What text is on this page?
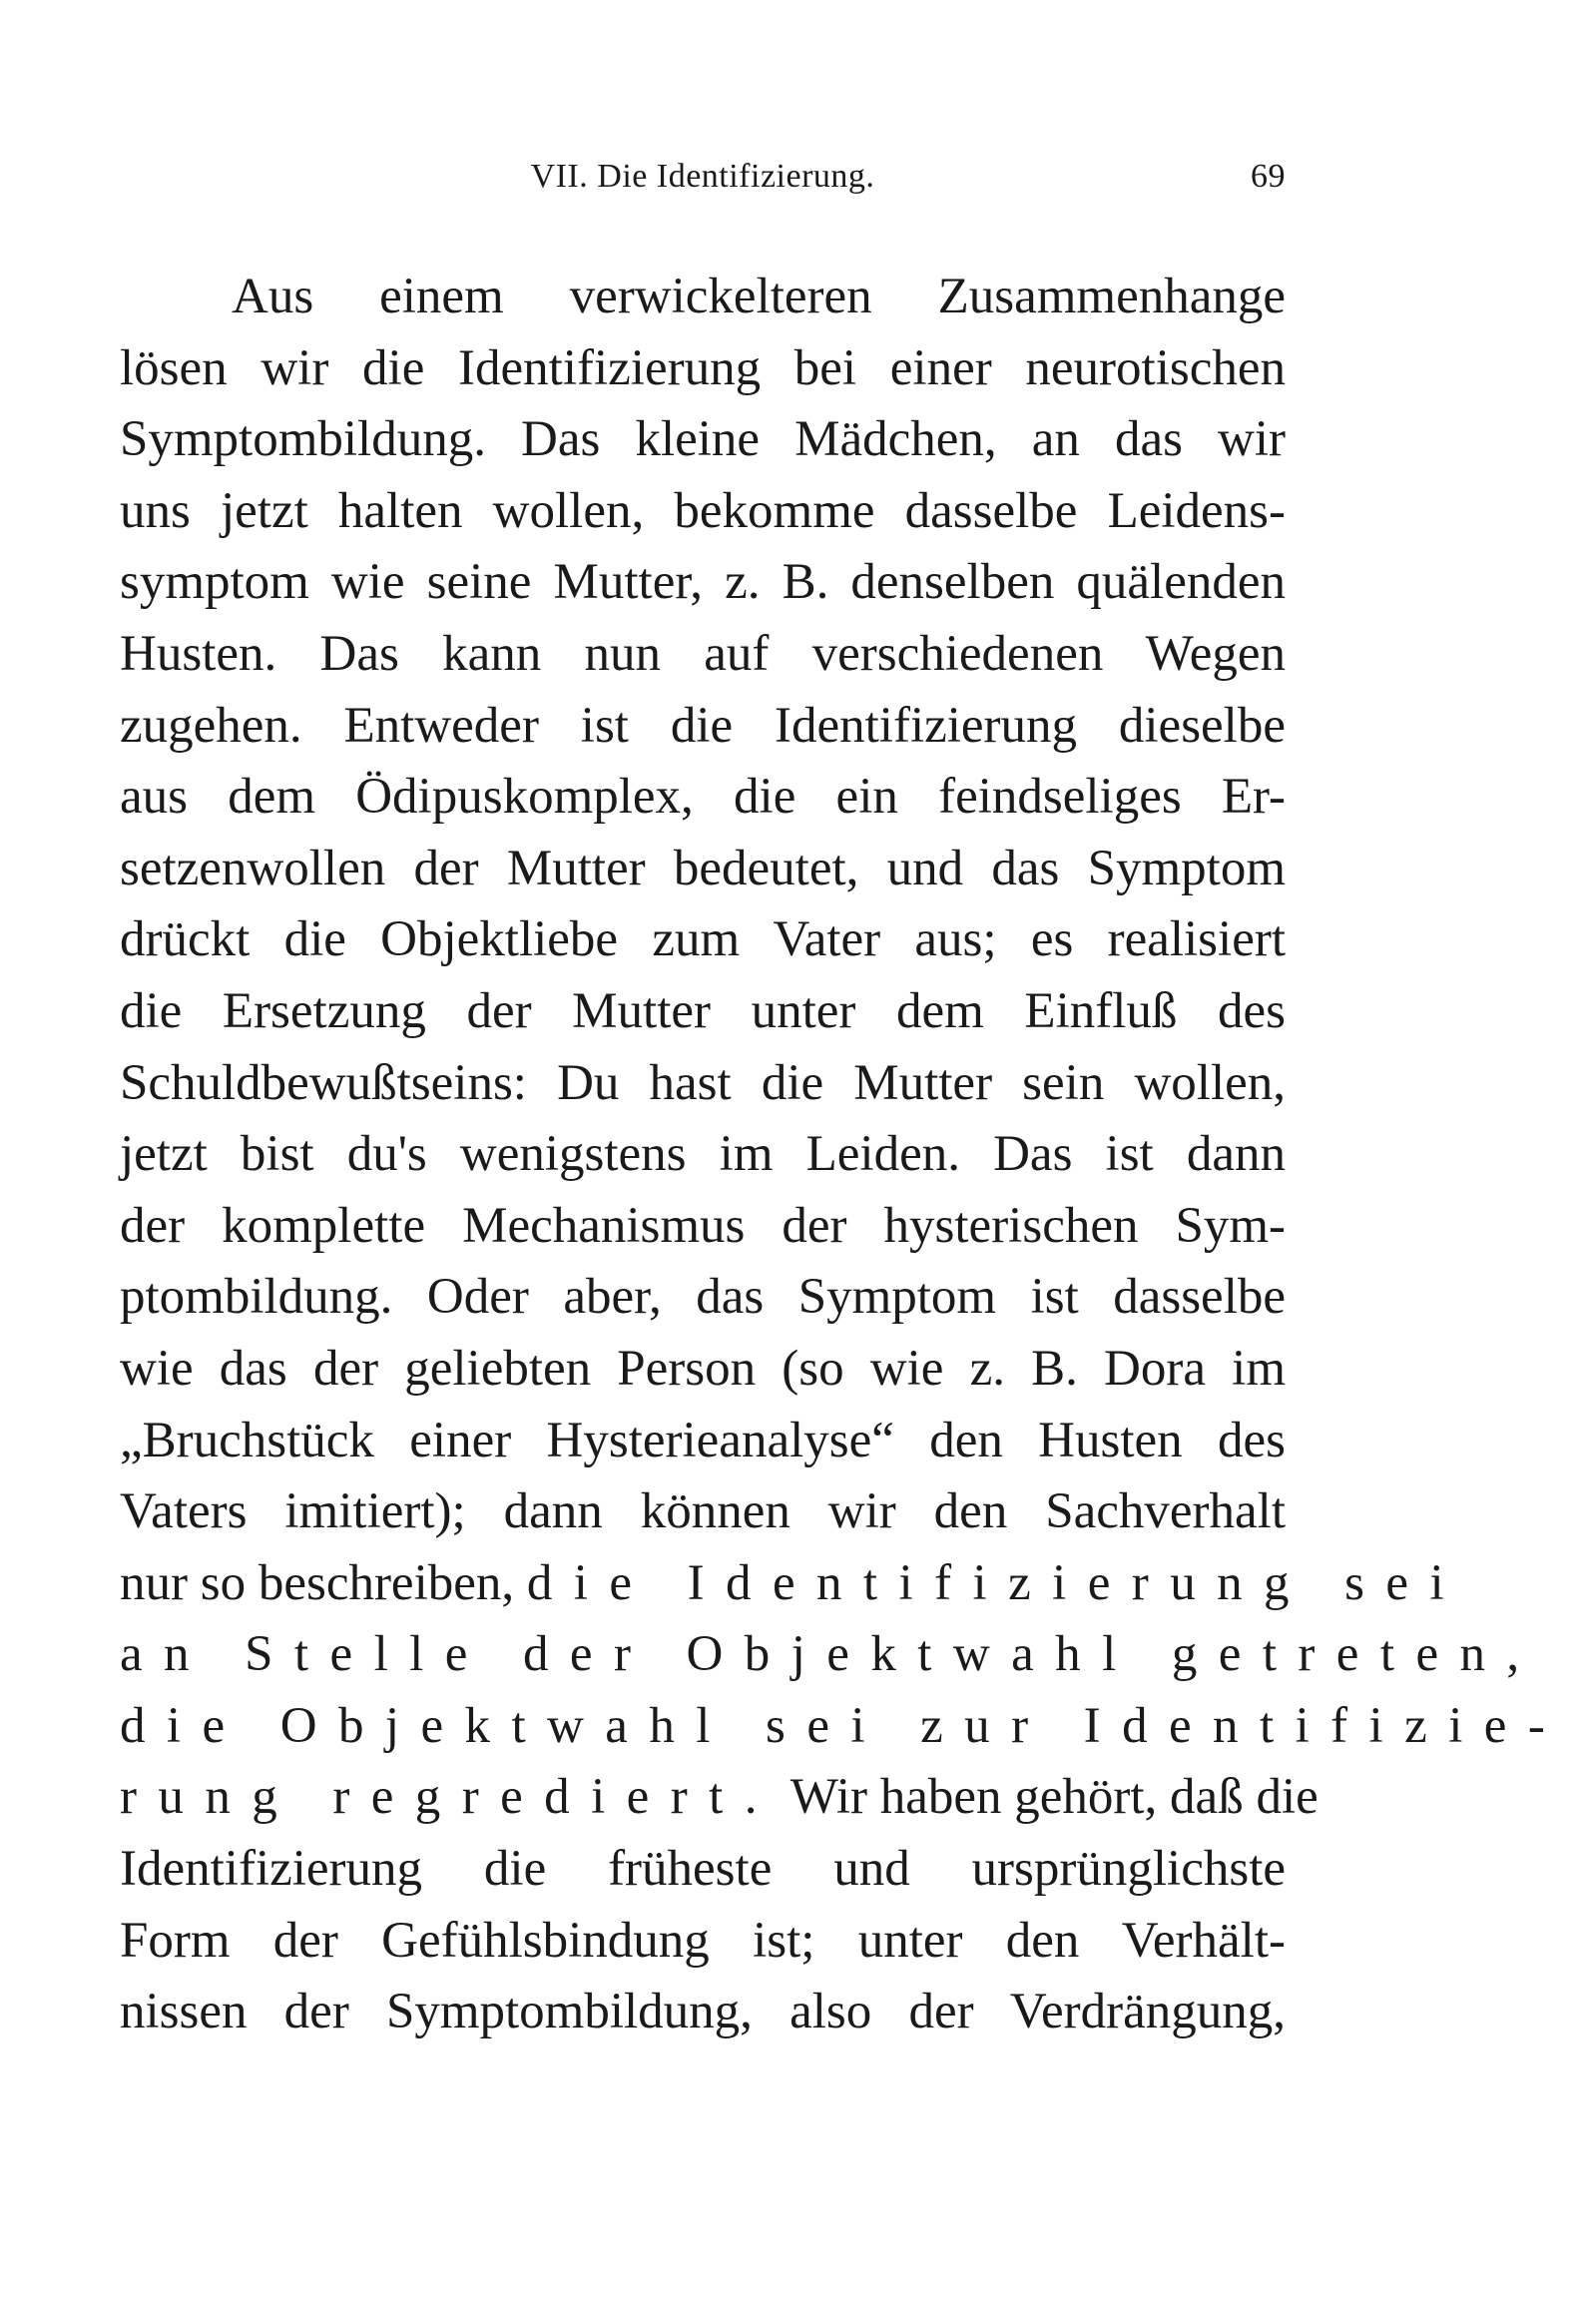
VII. Die Identifizierung.	69
Aus einem verwickelteren Zusammenhange
lösen wir die Identifizierung bei einer neurotischen
Symptombildung. Das kleine Mädchen, an das wir
uns jetzt halten wollen, bekomme dasselbe Leidens-
symptom wie seine Mutter, z. B. denselben quälenden
Husten. Das kann nun auf verschiedenen Wegen
zugehen. Entweder ist die Identifizierung dieselbe
aus dem Ödipuskomplex, die ein feindseliges Er-
setzenwollen der Mutter bedeutet, und das Symptom
drückt die Objektliebe zum Vater aus; es realisiert
die Ersetzung der Mutter unter dem Einfluß des
Schuldbewußtseins: Du hast die Mutter sein wollen,
jetzt bist du's wenigstens im Leiden. Das ist dann
der komplette Mechanismus der hysterischen Sym-
ptombildung. Oder aber, das Symptom ist dasselbe
wie das der geliebten Person (so wie z. B. Dora im
„Bruchstück einer Hysterieanalyse“ den Husten des
Vaters imitiert); dann können wir den Sachverhalt
nur so beschreiben, die Identifizierung sei
an Stelle der Objektwahl getreten,
die Objektwahl sei zur Identifizie-
rung regrediert. Wir haben gehört, daß die
Identifizierung die früheste und ursprünglichste
Form der Gefühlsbindung ist; unter den Verhält-
nissen der Symptombildung, also der Verdrängung,
